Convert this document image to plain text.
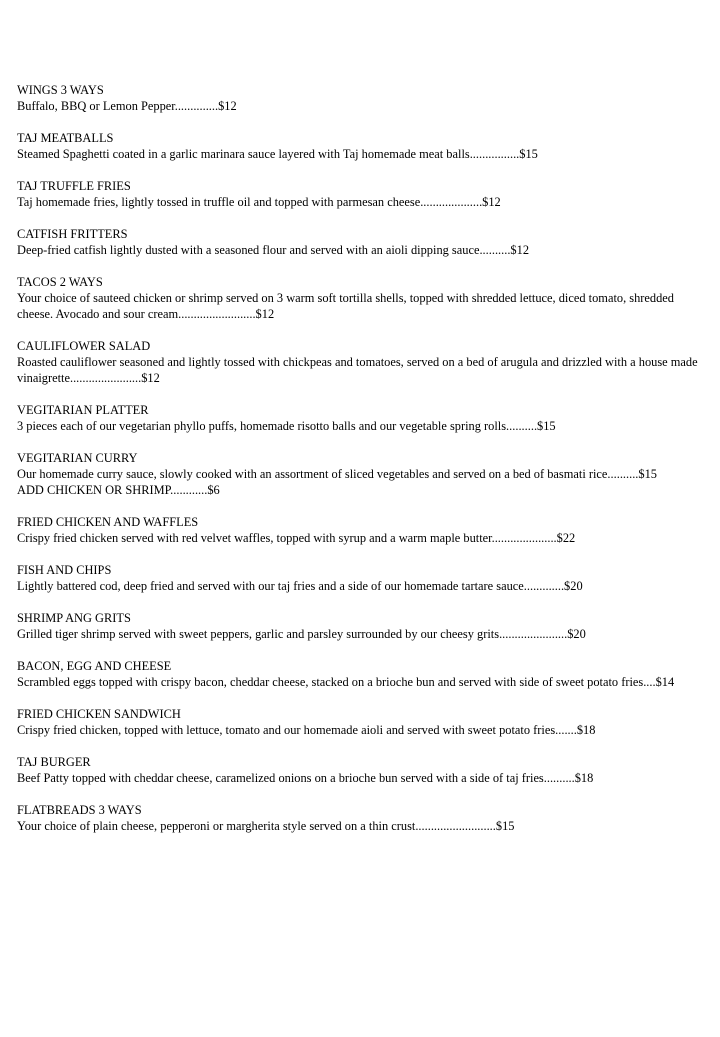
WINGS 3 WAYS
Buffalo, BBQ or Lemon Pepper..............$12
TAJ MEATBALLS
Steamed Spaghetti coated in a garlic marinara sauce layered with Taj homemade meat balls................$15
TAJ TRUFFLE FRIES
Taj homemade fries, lightly tossed in truffle oil and topped with parmesan cheese....................$12
CATFISH FRITTERS
Deep-fried catfish lightly dusted with a seasoned flour and served with an aioli dipping sauce..........$12
TACOS 2 WAYS
Your choice of sauteed chicken or shrimp served on 3 warm soft tortilla shells, topped with shredded lettuce, diced tomato, shredded cheese. Avocado and sour cream.........................$12
CAULIFLOWER SALAD
Roasted cauliflower seasoned and lightly tossed with chickpeas and tomatoes, served on a bed of arugula and drizzled with a house made vinaigrette.......................$12
VEGITARIAN PLATTER
3 pieces each of our vegetarian phyllo puffs, homemade risotto balls and our vegetable spring rolls..........$15
VEGITARIAN CURRY
Our homemade curry sauce, slowly cooked with an assortment of sliced vegetables and served on a bed of basmati rice..........$15
ADD CHICKEN OR SHRIMP............$6
FRIED CHICKEN AND WAFFLES
Crispy fried chicken served with red velvet waffles, topped with syrup and a warm maple butter.....................$22
FISH AND CHIPS
Lightly battered cod, deep fried and served with our taj fries and a side of our homemade tartare sauce.............$20
SHRIMP ANG GRITS
Grilled tiger shrimp served with sweet peppers, garlic and parsley surrounded by our cheesy grits......................$20
BACON, EGG AND CHEESE
Scrambled eggs topped with crispy bacon, cheddar cheese, stacked on a brioche bun and served with side of sweet potato fries....$14
FRIED CHICKEN SANDWICH
Crispy fried chicken, topped with lettuce, tomato and our homemade aioli and served with sweet potato fries.......$18
TAJ BURGER
Beef Patty topped with cheddar cheese, caramelized onions on a brioche bun served with a side of taj fries..........$18
FLATBREADS 3 WAYS
Your choice of plain cheese, pepperoni or margherita style served on a thin crust..........................$15
